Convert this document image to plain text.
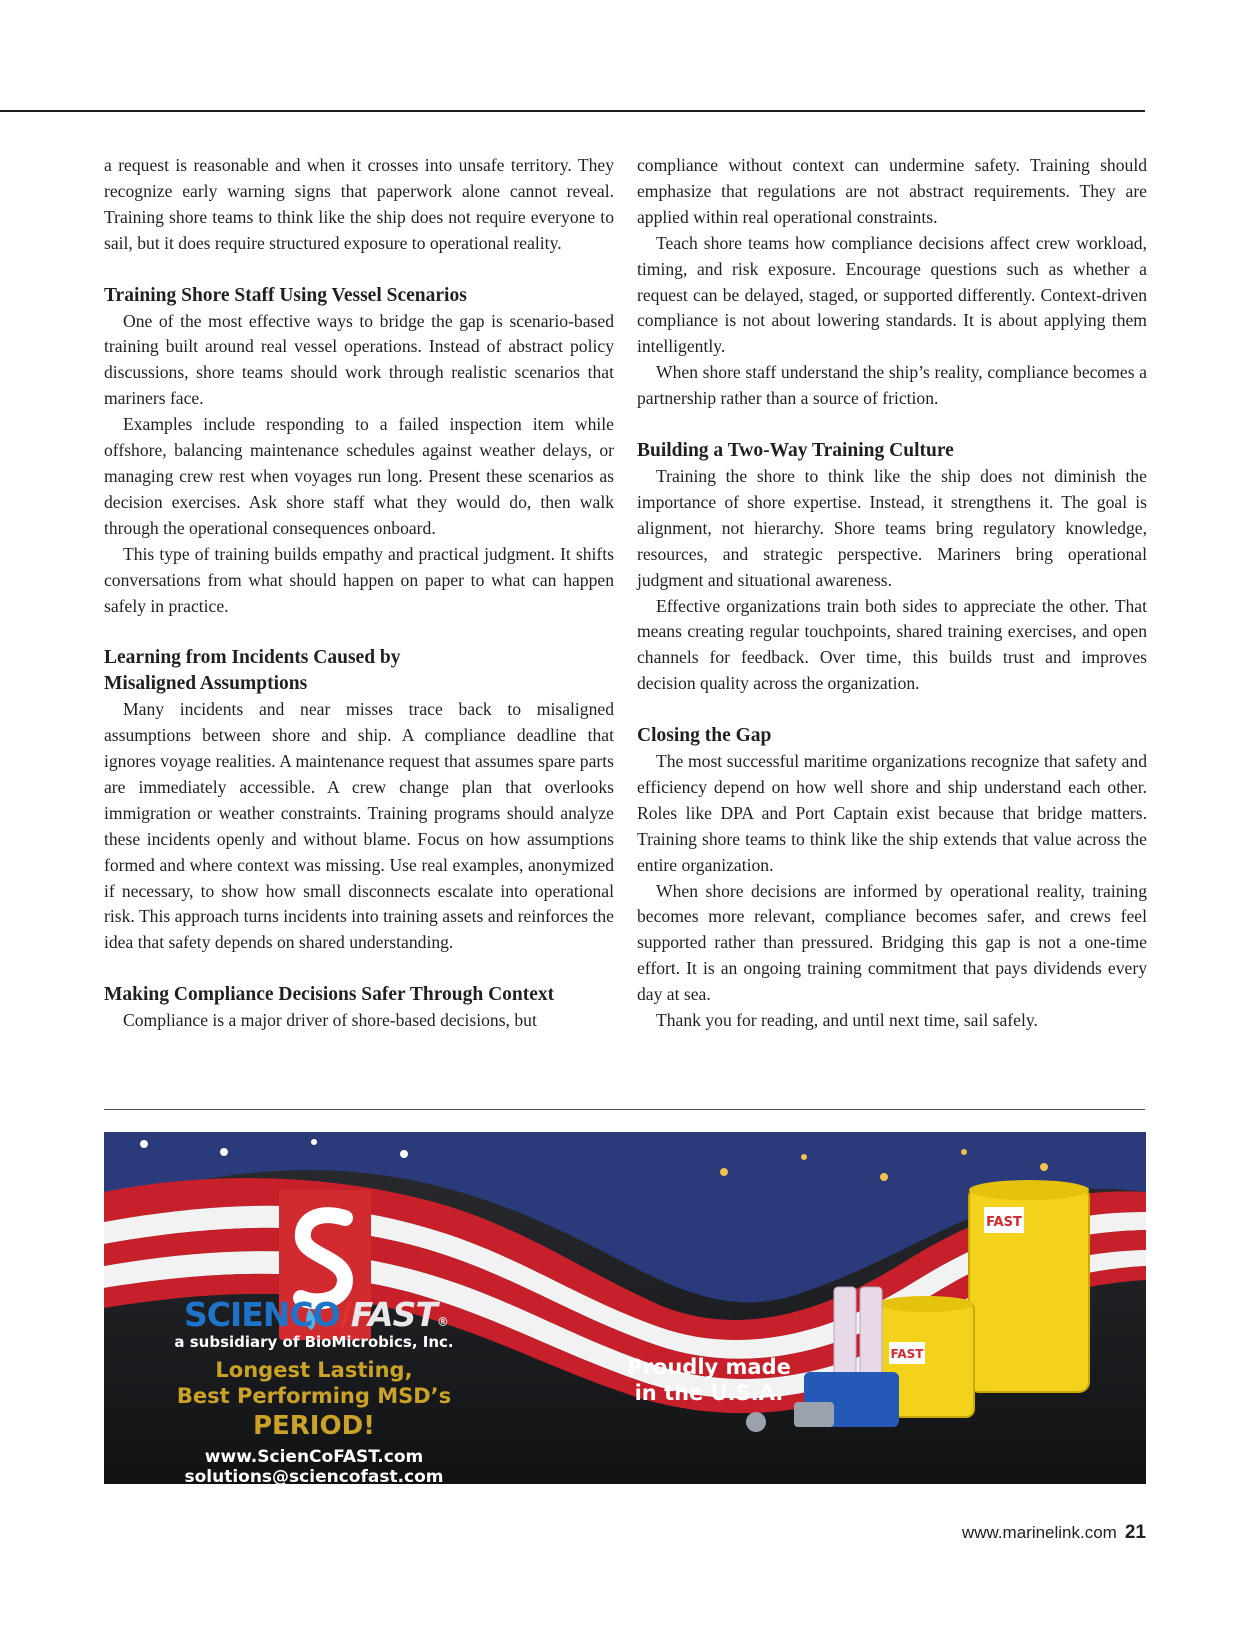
a request is reasonable and when it crosses into unsafe territory. They recognize early warning signs that paperwork alone cannot reveal. Training shore teams to think like the ship does not require everyone to sail, but it does require structured exposure to operational reality.

Training Shore Staff Using Vessel Scenarios

One of the most effective ways to bridge the gap is scenario-based training built around real vessel operations. Instead of abstract policy discussions, shore teams should work through realistic scenarios that mariners face.

Examples include responding to a failed inspection item while offshore, balancing maintenance schedules against weather delays, or managing crew rest when voyages run long. Present these scenarios as decision exercises. Ask shore staff what they would do, then walk through the operational consequences onboard.

This type of training builds empathy and practical judgment. It shifts conversations from what should happen on paper to what can happen safely in practice.

Learning from Incidents Caused by
Misaligned Assumptions

Many incidents and near misses trace back to misaligned assumptions between shore and ship. A compliance deadline that ignores voyage realities. A maintenance request that assumes spare parts are immediately accessible. A crew change plan that overlooks immigration or weather constraints. Training programs should analyze these incidents openly and without blame. Focus on how assumptions formed and where context was missing. Use real examples, anonymized if necessary, to show how small disconnects escalate into operational risk. This approach turns incidents into training assets and reinforces the idea that safety depends on shared understanding.

Making Compliance Decisions Safer Through Context

Compliance is a major driver of shore-based decisions, but

compliance without context can undermine safety. Training should emphasize that regulations are not abstract requirements. They are applied within real operational constraints.

Teach shore teams how compliance decisions affect crew workload, timing, and risk exposure. Encourage questions such as whether a request can be delayed, staged, or supported differently. Context-driven compliance is not about lowering standards. It is about applying them intelligently.

When shore staff understand the ship’s reality, compliance becomes a partnership rather than a source of friction.

Building a Two-Way Training Culture

Training the shore to think like the ship does not diminish the importance of shore expertise. Instead, it strengthens it. The goal is alignment, not hierarchy. Shore teams bring regulatory knowledge, resources, and strategic perspective. Mariners bring operational judgment and situational awareness.

Effective organizations train both sides to appreciate the other. That means creating regular touchpoints, shared training exercises, and open channels for feedback. Over time, this builds trust and improves decision quality across the organization.

Closing the Gap

The most successful maritime organizations recognize that safety and efficiency depend on how well shore and ship understand each other. Roles like DPA and Port Captain exist because that bridge matters. Training shore teams to think like the ship extends that value across the entire organization.

When shore decisions are informed by operational reality, training becomes more relevant, compliance becomes safer, and crews feel supported rather than pressured. Bridging this gap is not a one-time effort. It is an ongoing training commitment that pays dividends every day at sea.

Thank you for reading, and until next time, sail safely.

FAST
FAST
SCIENCO/FAST®
a subsidiary of BioMicrobics, Inc.
Longest Lasting,
Best Performing MSD’s
PERIOD!
www.ScienCoFAST.com
solutions@sciencofast.com
Proudly made
in the U.S.A.
www.marinelink.com 21
